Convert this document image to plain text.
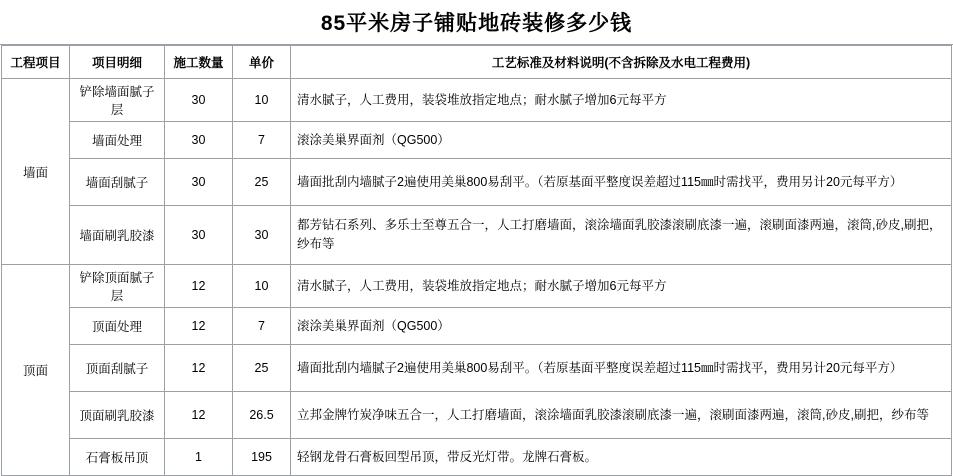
85平米房子铺贴地砖装修多少钱
工程项目	项目明细	施工数量	单价	工艺标准及材料说明(不含拆除及水电工程费用)
墙面	铲除墙面腻子层	30	10	清水腻子，人工费用，装袋堆放指定地点；耐水腻子增加6元每平方
	墙面处理	30	7	滚涂美巢界面剂（QG500）
	墙面刮腻子	30	25	墙面批刮内墙腻子2遍使用美巢800易刮平。（若原基面平整度误差超过115㎜时需找平，费用另计20元每平方）
	墙面刷乳胶漆	30	30	都芳钻石系列、多乐士至尊五合一，人工打磨墙面，滚涂墙面乳胶漆滚刷底漆一遍，滚刷面漆两遍，滚筒,砂皮,刷把，纱布等
顶面	铲除顶面腻子层	12	10	清水腻子，人工费用，装袋堆放指定地点；耐水腻子增加6元每平方
	顶面处理	12	7	滚涂美巢界面剂（QG500）
	顶面刮腻子	12	25	墙面批刮内墙腻子2遍使用美巢800易刮平。（若原基面平整度误差超过115㎜时需找平，费用另计20元每平方）
	顶面刷乳胶漆	12	26.5	立邦金牌竹炭净味五合一，人工打磨墙面，滚涂墙面乳胶漆滚刷底漆一遍，滚刷面漆两遍，滚筒,砂皮,刷把，纱布等
	石膏板吊顶	1	195	轻钢龙骨石膏板回型吊顶，带反光灯带。龙牌石膏板。
